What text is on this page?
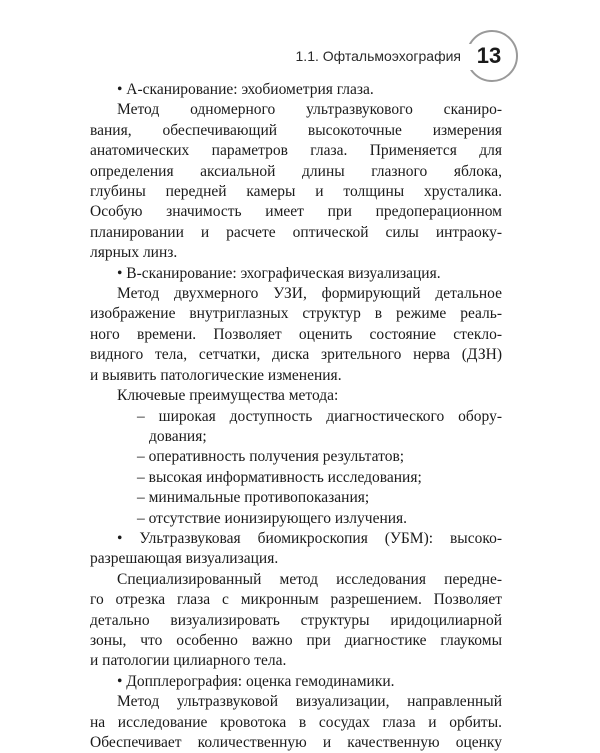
1.1. Офтальмоэхография 13
• А-сканирование: эхобиометрия глаза.
Метод одномерного ультразвукового сканиро-
вания, обеспечивающий высокоточные измерения
анатомических параметров глаза. Применяется для
определения аксиальной длины глазного яблока,
глубины передней камеры и толщины хрусталика.
Особую значимость имеет при предоперационном
планировании и расчете оптической силы интраоку-
лярных линз.
• В-сканирование: эхографическая визуализация.
Метод двухмерного УЗИ, формирующий детальное
изображение внутриглазных структур в режиме реаль-
ного времени. Позволяет оценить состояние стекло-
видного тела, сетчатки, диска зрительного нерва (ДЗН)
и выявить патологические изменения.
Ключевые преимущества метода:
– широкая доступность диагностического обору-
дования;
– оперативность получения результатов;
– высокая информативность исследования;
– минимальные противопоказания;
– отсутствие ионизирующего излучения.
• Ультразвуковая биомикроскопия (УБМ): высоко-
разрешающая визуализация.
Специализированный метод исследования передне-
го отрезка глаза с микронным разрешением. Позволяет
детально визуализировать структуры иридоцилиарной
зоны, что особенно важно при диагностике глаукомы
и патологии цилиарного тела.
• Допплерография: оценка гемодинамики.
Метод ультразвуковой визуализации, направленный
на исследование кровотока в сосудах глаза и орбиты.
Обеспечивает количественную и качественную оценку
